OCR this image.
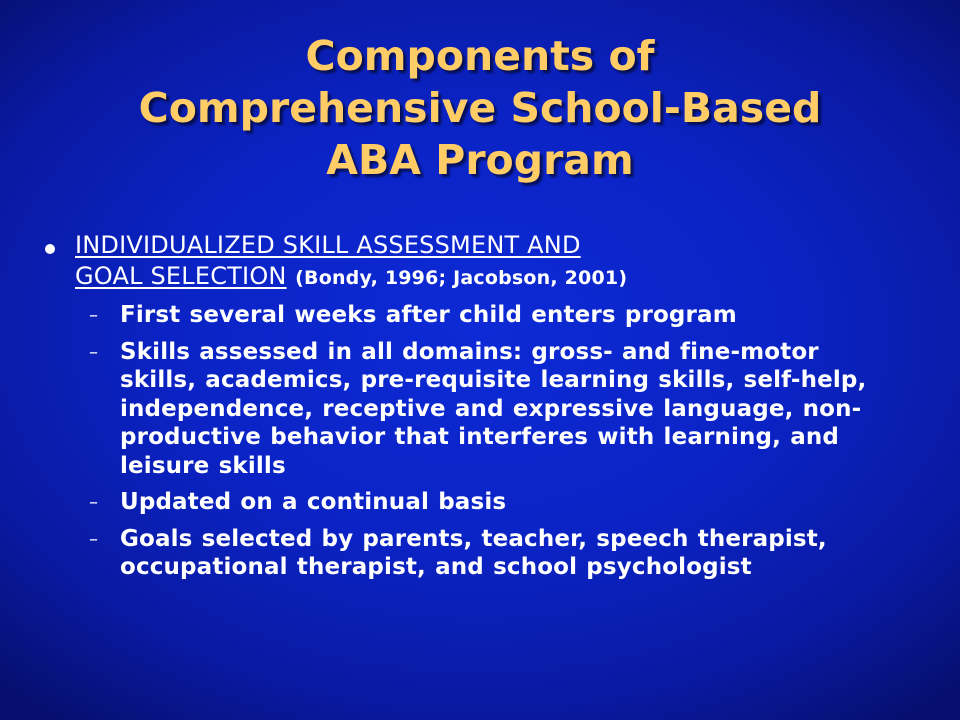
Components of
Comprehensive School-Based
ABA Program
INDIVIDUALIZED SKILL ASSESSMENT AND
GOAL SELECTION (Bondy, 1996; Jacobson, 2001)
– First several weeks after child enters program
– Skills assessed in all domains: gross- and fine-motor skills, academics, pre-requisite learning skills, self-help, independence, receptive and expressive language, non-productive behavior that interferes with learning, and leisure skills
– Updated on a continual basis
– Goals selected by parents, teacher, speech therapist, occupational therapist, and school psychologist
